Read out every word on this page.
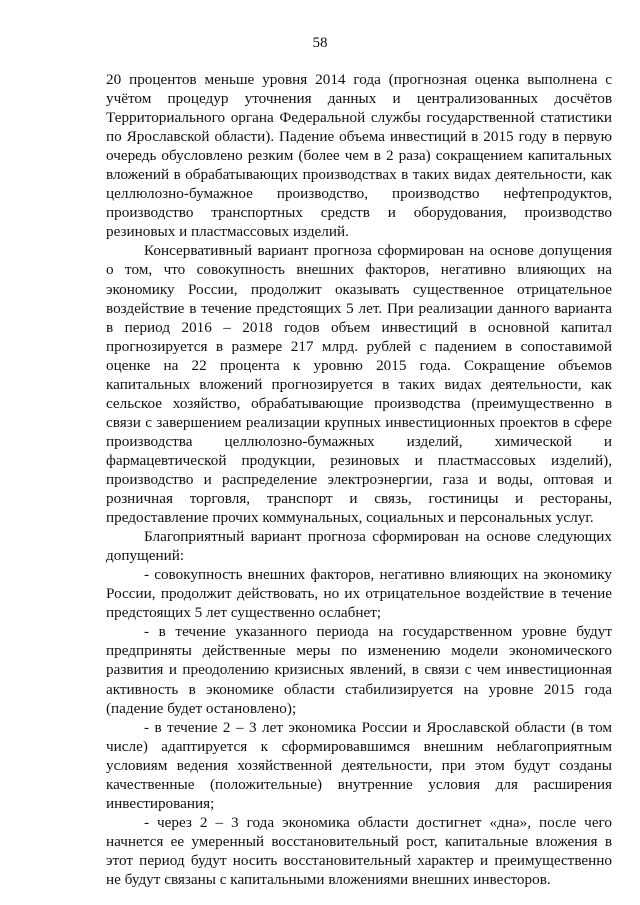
58

20 процентов меньше уровня 2014 года (прогнозная оценка выполнена с учётом процедур уточнения данных и централизованных досчётов Территориального органа Федеральной службы государственной статистики по Ярославской области). Падение объема инвестиций в 2015 году в первую очередь обусловлено резким (более чем в 2 раза) сокращением капитальных вложений в обрабатывающих производствах в таких видах деятельности, как целлюлозно-бумажное производство, производство нефтепродуктов, производство транспортных средств и оборудования, производство резиновых и пластмассовых изделий.

Консервативный вариант прогноза сформирован на основе допущения о том, что совокупность внешних факторов, негативно влияющих на экономику России, продолжит оказывать существенное отрицательное воздействие в течение предстоящих 5 лет. При реализации данного варианта в период 2016 – 2018 годов объем инвестиций в основной капитал прогнозируется в размере 217 млрд. рублей с падением в сопоставимой оценке на 22 процента к уровню 2015 года. Сокращение объемов капитальных вложений прогнозируется в таких видах деятельности, как сельское хозяйство, обрабатывающие производства (преимущественно в связи с завершением реализации крупных инвестиционных проектов в сфере производства целлюлозно-бумажных изделий, химической и фармацевтической продукции, резиновых и пластмассовых изделий), производство и распределение электроэнергии, газа и воды, оптовая и розничная торговля, транспорт и связь, гостиницы и рестораны, предоставление прочих коммунальных, социальных и персональных услуг.

Благоприятный вариант прогноза сформирован на основе следующих допущений:

- совокупность внешних факторов, негативно влияющих на экономику России, продолжит действовать, но их отрицательное воздействие в течение предстоящих 5 лет существенно ослабнет;

- в течение указанного периода на государственном уровне будут предприняты действенные меры по изменению модели экономического развития и преодолению кризисных явлений, в связи с чем инвестиционная активность в экономике области стабилизируется на уровне 2015 года (падение будет остановлено);

- в течение 2 – 3 лет экономика России и Ярославской области (в том числе) адаптируется к сформировавшимся внешним неблагоприятным условиям ведения хозяйственной деятельности, при этом будут созданы качественные (положительные) внутренние условия для расширения инвестирования;

- через 2 – 3 года экономика области достигнет «дна», после чего начнется ее умеренный восстановительный рост, капитальные вложения в этот период будут носить восстановительный характер и преимущественно не будут связаны с капитальными вложениями внешних инвесторов.
